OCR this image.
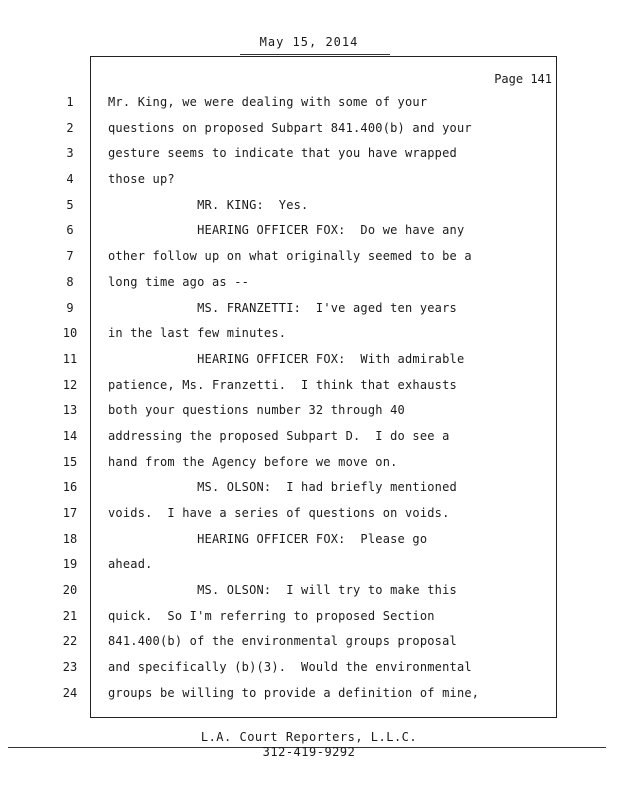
May 15, 2014
Page 141
1
2
3
4
5
6
7
8
9
10
11
12
13
14
15
16
17
18
19
20
21
22
23
24
Mr. King, we were dealing with some of your
questions on proposed Subpart 841.400(b) and your
gesture seems to indicate that you have wrapped
those up?
MR. KING:  Yes.
HEARING OFFICER FOX:  Do we have any
other follow up on what originally seemed to be a
long time ago as --
MS. FRANZETTI:  I've aged ten years
in the last few minutes.
HEARING OFFICER FOX:  With admirable
patience, Ms. Franzetti.  I think that exhausts
both your questions number 32 through 40
addressing the proposed Subpart D.  I do see a
hand from the Agency before we move on.
MS. OLSON:  I had briefly mentioned
voids.  I have a series of questions on voids.
HEARING OFFICER FOX:  Please go
ahead.
MS. OLSON:  I will try to make this
quick.  So I'm referring to proposed Section
841.400(b) of the environmental groups proposal
and specifically (b)(3).  Would the environmental
groups be willing to provide a definition of mine,
L.A. Court Reporters, L.L.C.
312-419-9292
